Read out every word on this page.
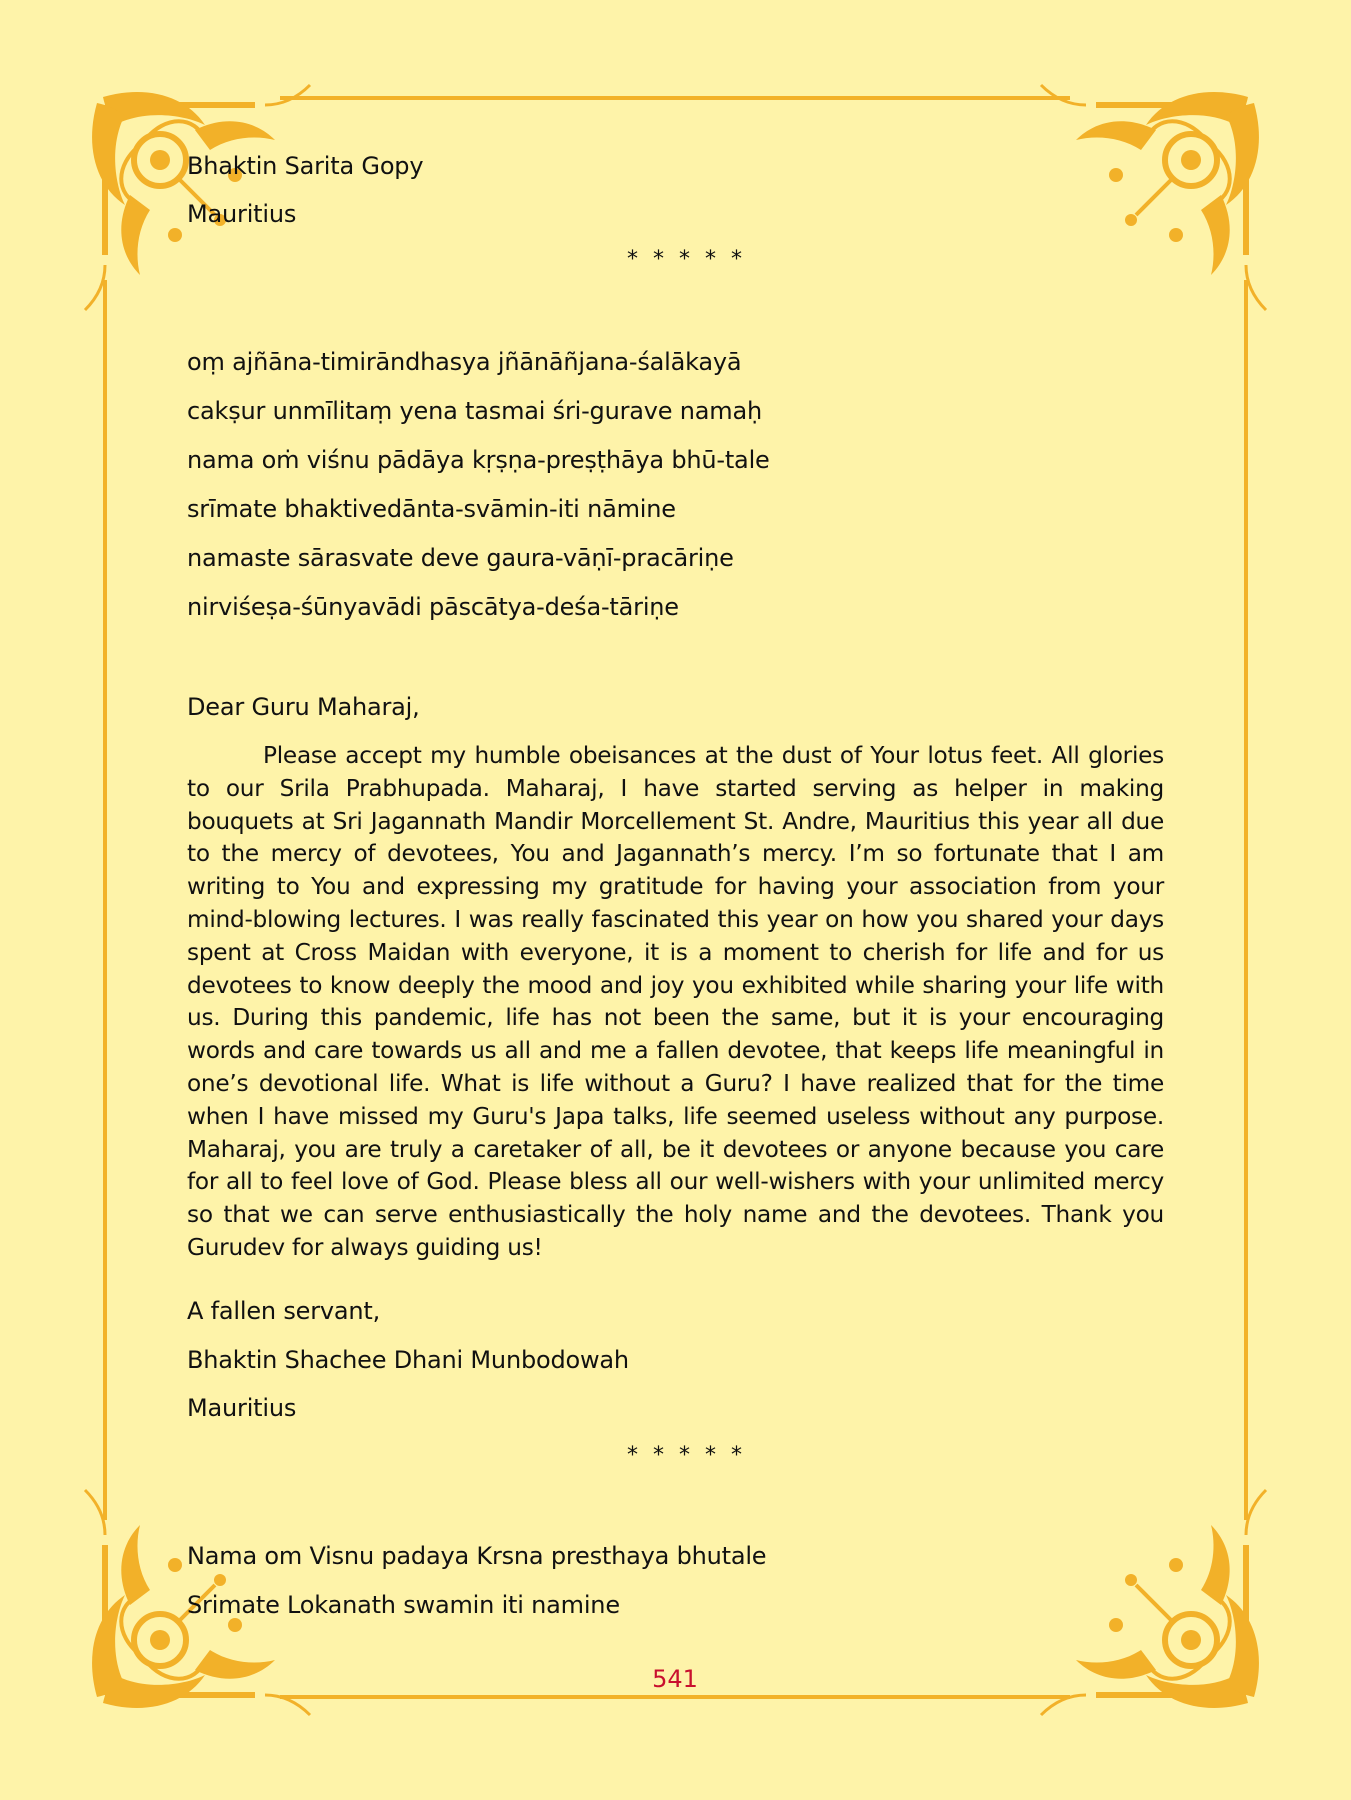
Bhaktin Sarita Gopy
Mauritius
* * * * *
oṃ ajñāna-timirāndhasya jñānāñjana-śalākayā
cakṣur unmīlitaṃ yena tasmai śri-gurave namaḥ
nama oṁ viśnu pādāya kṛṣṇa-preṣṭhāya bhū-tale
srīmate bhaktivedānta-svāmin-iti nāmine
namaste sārasvate deve gaura-vāṇī-pracāriṇe
nirviśeṣa-śūnyavādi pāscātya-deśa-tāriṇe
Dear Guru Maharaj,

Please accept my humble obeisances at the dust of Your lotus feet. All glories to our Srila Prabhupada. Maharaj, I have started serving as helper in making bouquets at Sri Jagannath Mandir Morcellement St. Andre, Mauritius this year all due to the mercy of devotees, You and Jagannath’s mercy. I’m so fortunate that I am writing to You and expressing my gratitude for having your association from your mind-blowing lectures. I was really fascinated this year on how you shared your days spent at Cross Maidan with everyone, it is a moment to cherish for life and for us devotees to know deeply the mood and joy you exhibited while sharing your life with us. During this pandemic, life has not been the same, but it is your encouraging words and care towards us all and me a fallen devotee, that keeps life meaningful in one’s devotional life. What is life without a Guru? I have realized that for the time when I have missed my Guru's Japa talks, life seemed useless without any purpose. Maharaj, you are truly a caretaker of all, be it devotees or anyone because you care for all to feel love of God. Please bless all our well-wishers with your unlimited mercy so that we can serve enthusiastically the holy name and the devotees. Thank you Gurudev for always guiding us!

A fallen servant,
Bhaktin Shachee Dhani Munbodowah
Mauritius
* * * * *
Nama om Visnu padaya Krsna presthaya bhutale
Srimate Lokanath swamin iti namine
541
